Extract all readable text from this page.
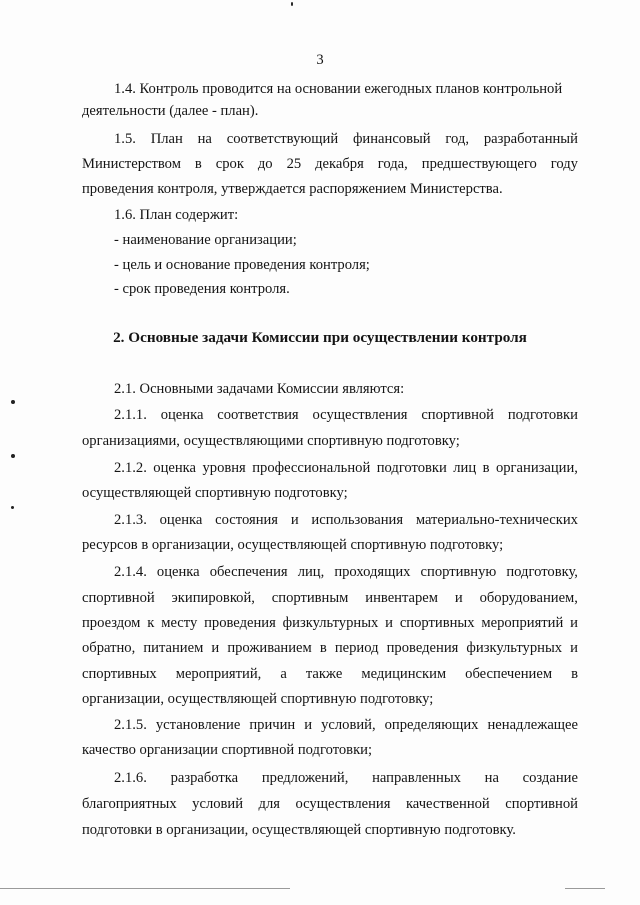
3

1.4. Контроль проводится на основании ежегодных планов контрольной

деятельности (далее - план).

1.5. План на соответствующий финансовый год, разработанный

Министерством в срок до 25 декабря года, предшествующего году

проведения контроля, утверждается распоряжением Министерства.

1.6. План содержит:

- наименование организации;

- цель и основание проведения контроля;

- срок проведения контроля.

2. Основные задачи Комиссии при осуществлении контроля

2.1. Основными задачами Комиссии являются:

2.1.1. оценка соответствия осуществления спортивной подготовки

организациями, осуществляющими спортивную подготовку;

2.1.2. оценка уровня профессиональной подготовки лиц в организации,

осуществляющей спортивную подготовку;

2.1.3. оценка состояния и использования материально-технических

ресурсов в организации, осуществляющей спортивную подготовку;

2.1.4. оценка обеспечения лиц, проходящих спортивную подготовку,

спортивной экипировкой, спортивным инвентарем и оборудованием,

проездом к месту проведения физкультурных и спортивных мероприятий и

обратно, питанием и проживанием в период проведения физкультурных и

спортивных мероприятий, а также медицинским обеспечением в

организации, осуществляющей спортивную подготовку;

2.1.5. установление причин и условий, определяющих ненадлежащее

качество организации спортивной подготовки;

2.1.6. разработка предложений, направленных на создание

благоприятных условий для осуществления качественной спортивной

подготовки в организации, осуществляющей спортивную подготовку.
